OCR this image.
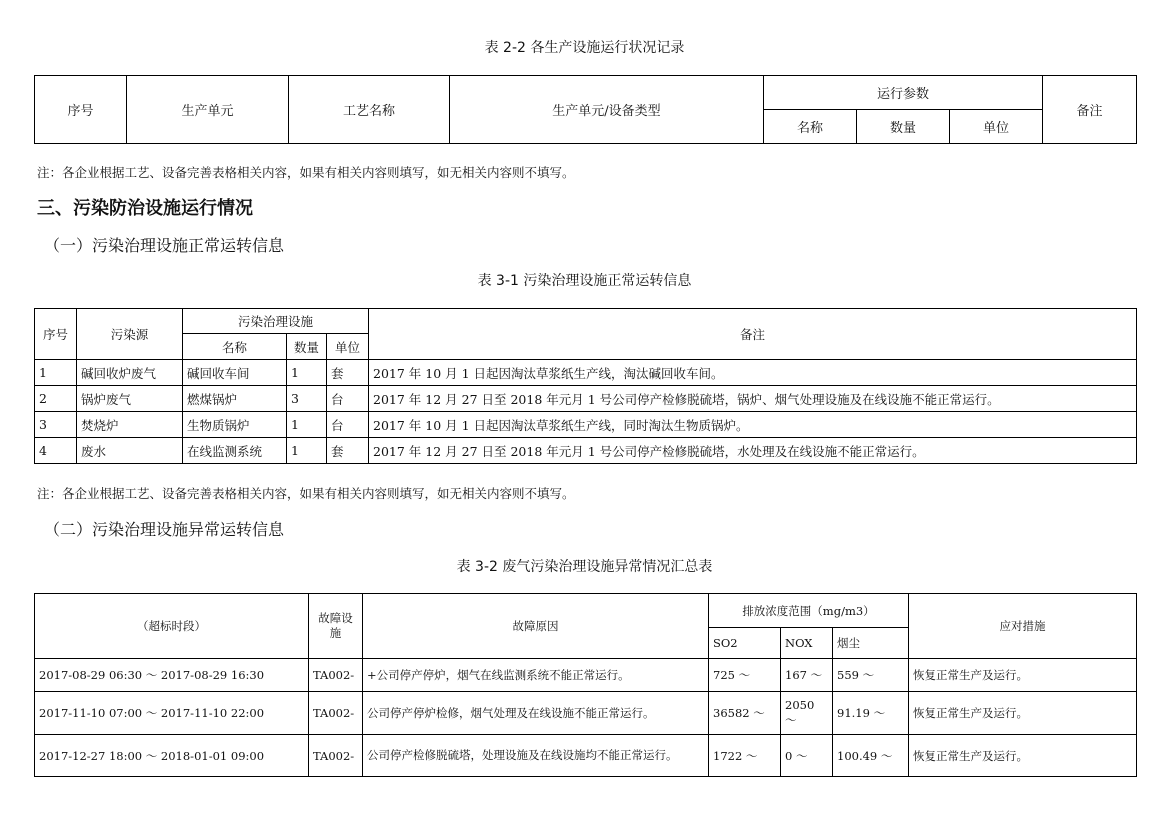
表 2-2 各生产设施运行状况记录
序号	生产单元	工艺名称	生产单元/设备类型	运行参数			备注
				名称	数量	单位	
注：各企业根据工艺、设备完善表格相关内容，如果有相关内容则填写，如无相关内容则不填写。
三、污染防治设施运行情况
（一）污染治理设施正常运转信息
表 3-1 污染治理设施正常运转信息
序号	污染源	污染治理设施			备注
		名称	数量	单位	
1	碱回收炉废气	碱回收车间	1	套	2017 年 10 月 1 日起因淘汰草浆纸生产线，淘汰碱回收车间。
2	锅炉废气	燃煤锅炉	3	台	2017 年 12 月 27 日至 2018 年元月 1 号公司停产检修脱硫塔，锅炉、烟气处理设施及在线设施不能正常运行。
3	焚烧炉	生物质锅炉	1	台	2017 年 10 月 1 日起因淘汰草浆纸生产线，同时淘汰生物质锅炉。
4	废水	在线监测系统	1	套	2017 年 12 月 27 日至 2018 年元月 1 号公司停产检修脱硫塔，水处理及在线设施不能正常运行。
注：各企业根据工艺、设备完善表格相关内容，如果有相关内容则填写，如无相关内容则不填写。
（二）污染治理设施异常运转信息
表 3-2 废气污染治理设施异常情况汇总表
（超标时段）	故障设施	故障原因	排放浓度范围（mg/m3）			应对措施
			SO2	NOX	烟尘	
2017-08-29 06:30 ～ 2017-08-29 16:30	TA002-	+公司停产停炉，烟气在线监测系统不能正常运行。	725 ～	167 ～	559 ～	恢复正常生产及运行。
2017-11-10 07:00 ～ 2017-11-10 22:00	TA002-	公司停产停炉检修，烟气处理及在线设施不能正常运行。	36582 ～	2050 ～	91.19 ～	恢复正常生产及运行。
2017-12-27 18:00 ～ 2018-01-01 09:00	TA002-	公司停产检修脱硫塔，处理设施及在线设施均不能正常运行。	1722 ～	0 ～	100.49 ～	恢复正常生产及运行。
